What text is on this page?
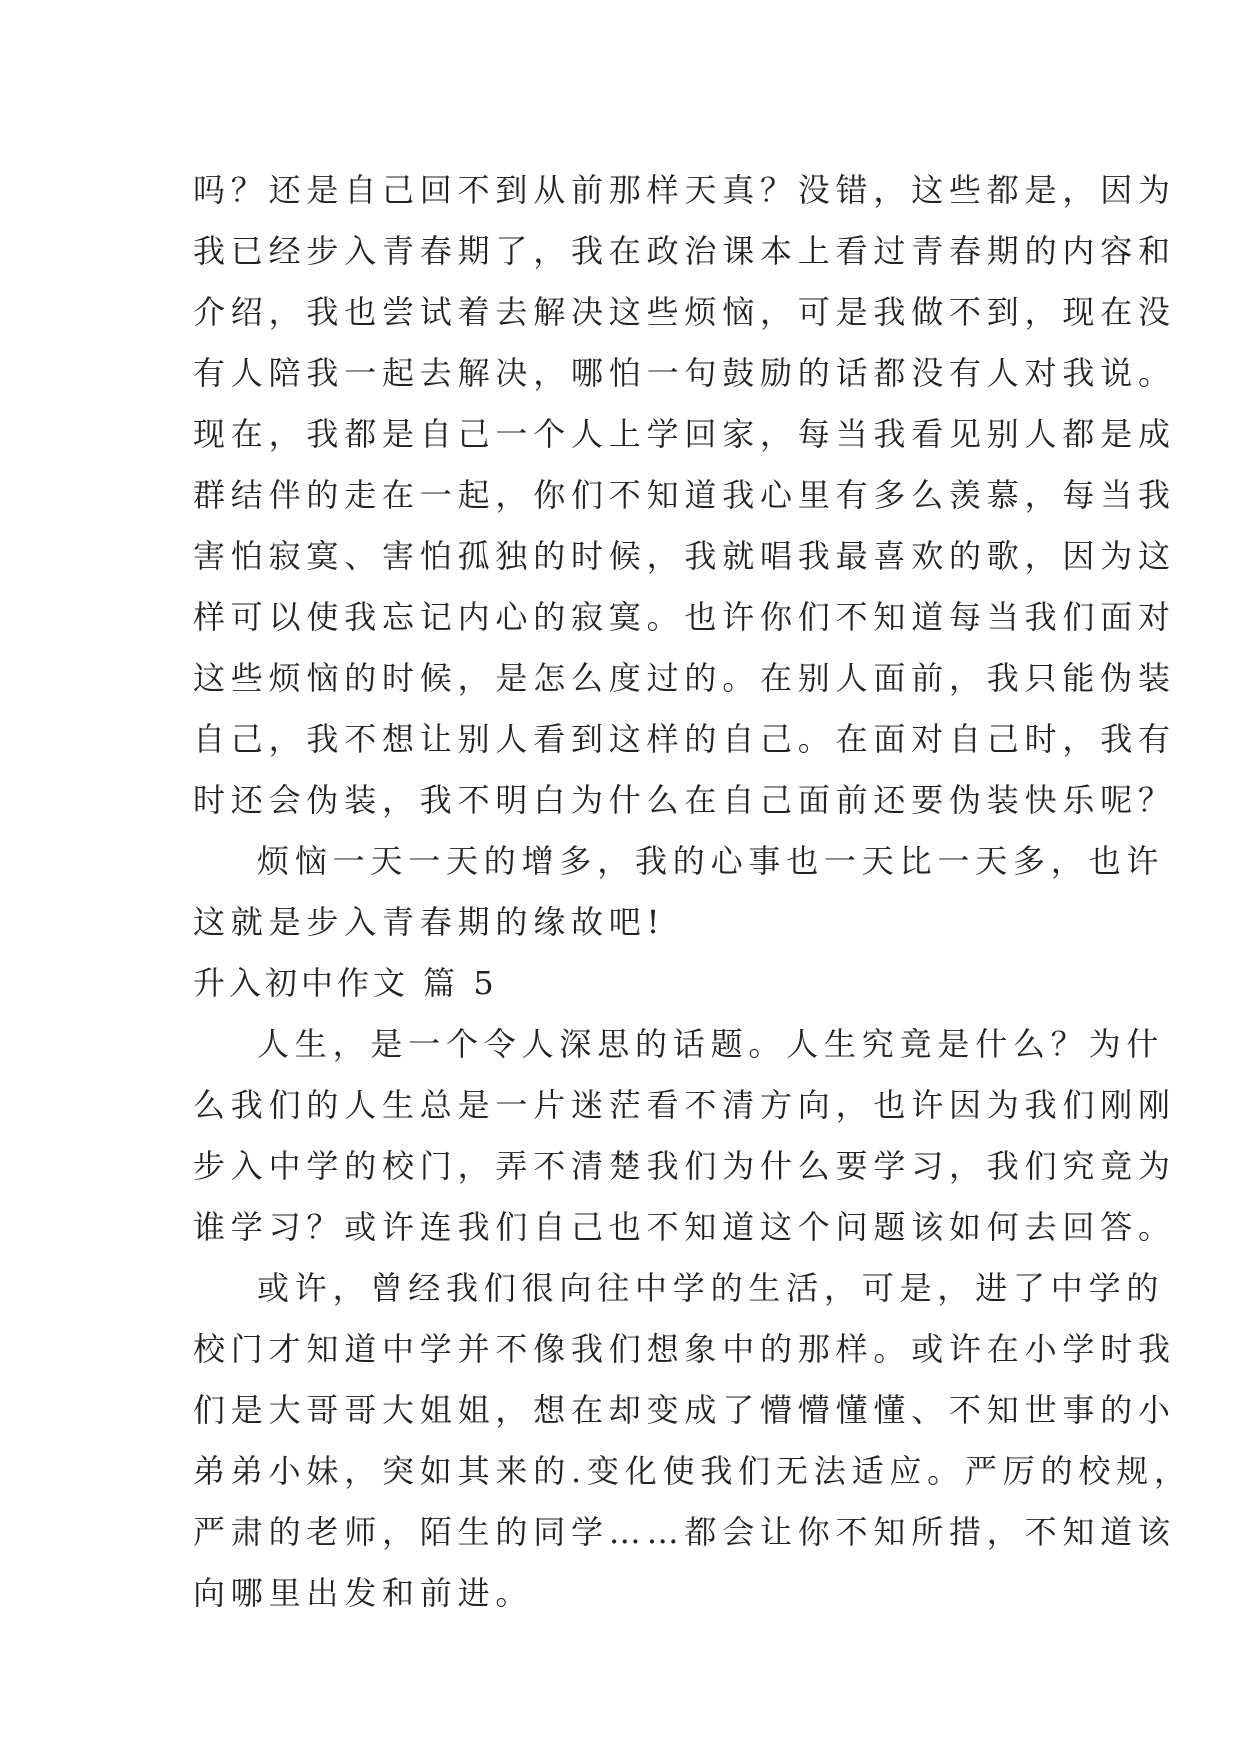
吗？还是自己回不到从前那样天真？没错，这些都是，因为
我已经步入青春期了，我在政治课本上看过青春期的内容和
介绍，我也尝试着去解决这些烦恼，可是我做不到，现在没
有人陪我一起去解决，哪怕一句鼓励的话都没有人对我说。
现在，我都是自己一个人上学回家，每当我看见别人都是成
群结伴的走在一起，你们不知道我心里有多么羡慕，每当我
害怕寂寞、害怕孤独的时候，我就唱我最喜欢的歌，因为这
样可以使我忘记内心的寂寞。也许你们不知道每当我们面对
这些烦恼的时候，是怎么度过的。在别人面前，我只能伪装
自己，我不想让别人看到这样的自己。在面对自己时，我有
时还会伪装，我不明白为什么在自己面前还要伪装快乐呢？
烦恼一天一天的增多，我的心事也一天比一天多，也许
这就是步入青春期的缘故吧!
升入初中作文 篇 5
人生，是一个令人深思的话题。人生究竟是什么？为什
么我们的人生总是一片迷茫看不清方向，也许因为我们刚刚
步入中学的校门，弄不清楚我们为什么要学习，我们究竟为
谁学习？或许连我们自己也不知道这个问题该如何去回答。
或许，曾经我们很向往中学的生活，可是，进了中学的
校门才知道中学并不像我们想象中的那样。或许在小学时我
们是大哥哥大姐姐，想在却变成了懵懵懂懂、不知世事的小
弟弟小妹，突如其来的.变化使我们无法适应。严厉的校规，
严肃的老师，陌生的同学……都会让你不知所措，不知道该
向哪里出发和前进。
